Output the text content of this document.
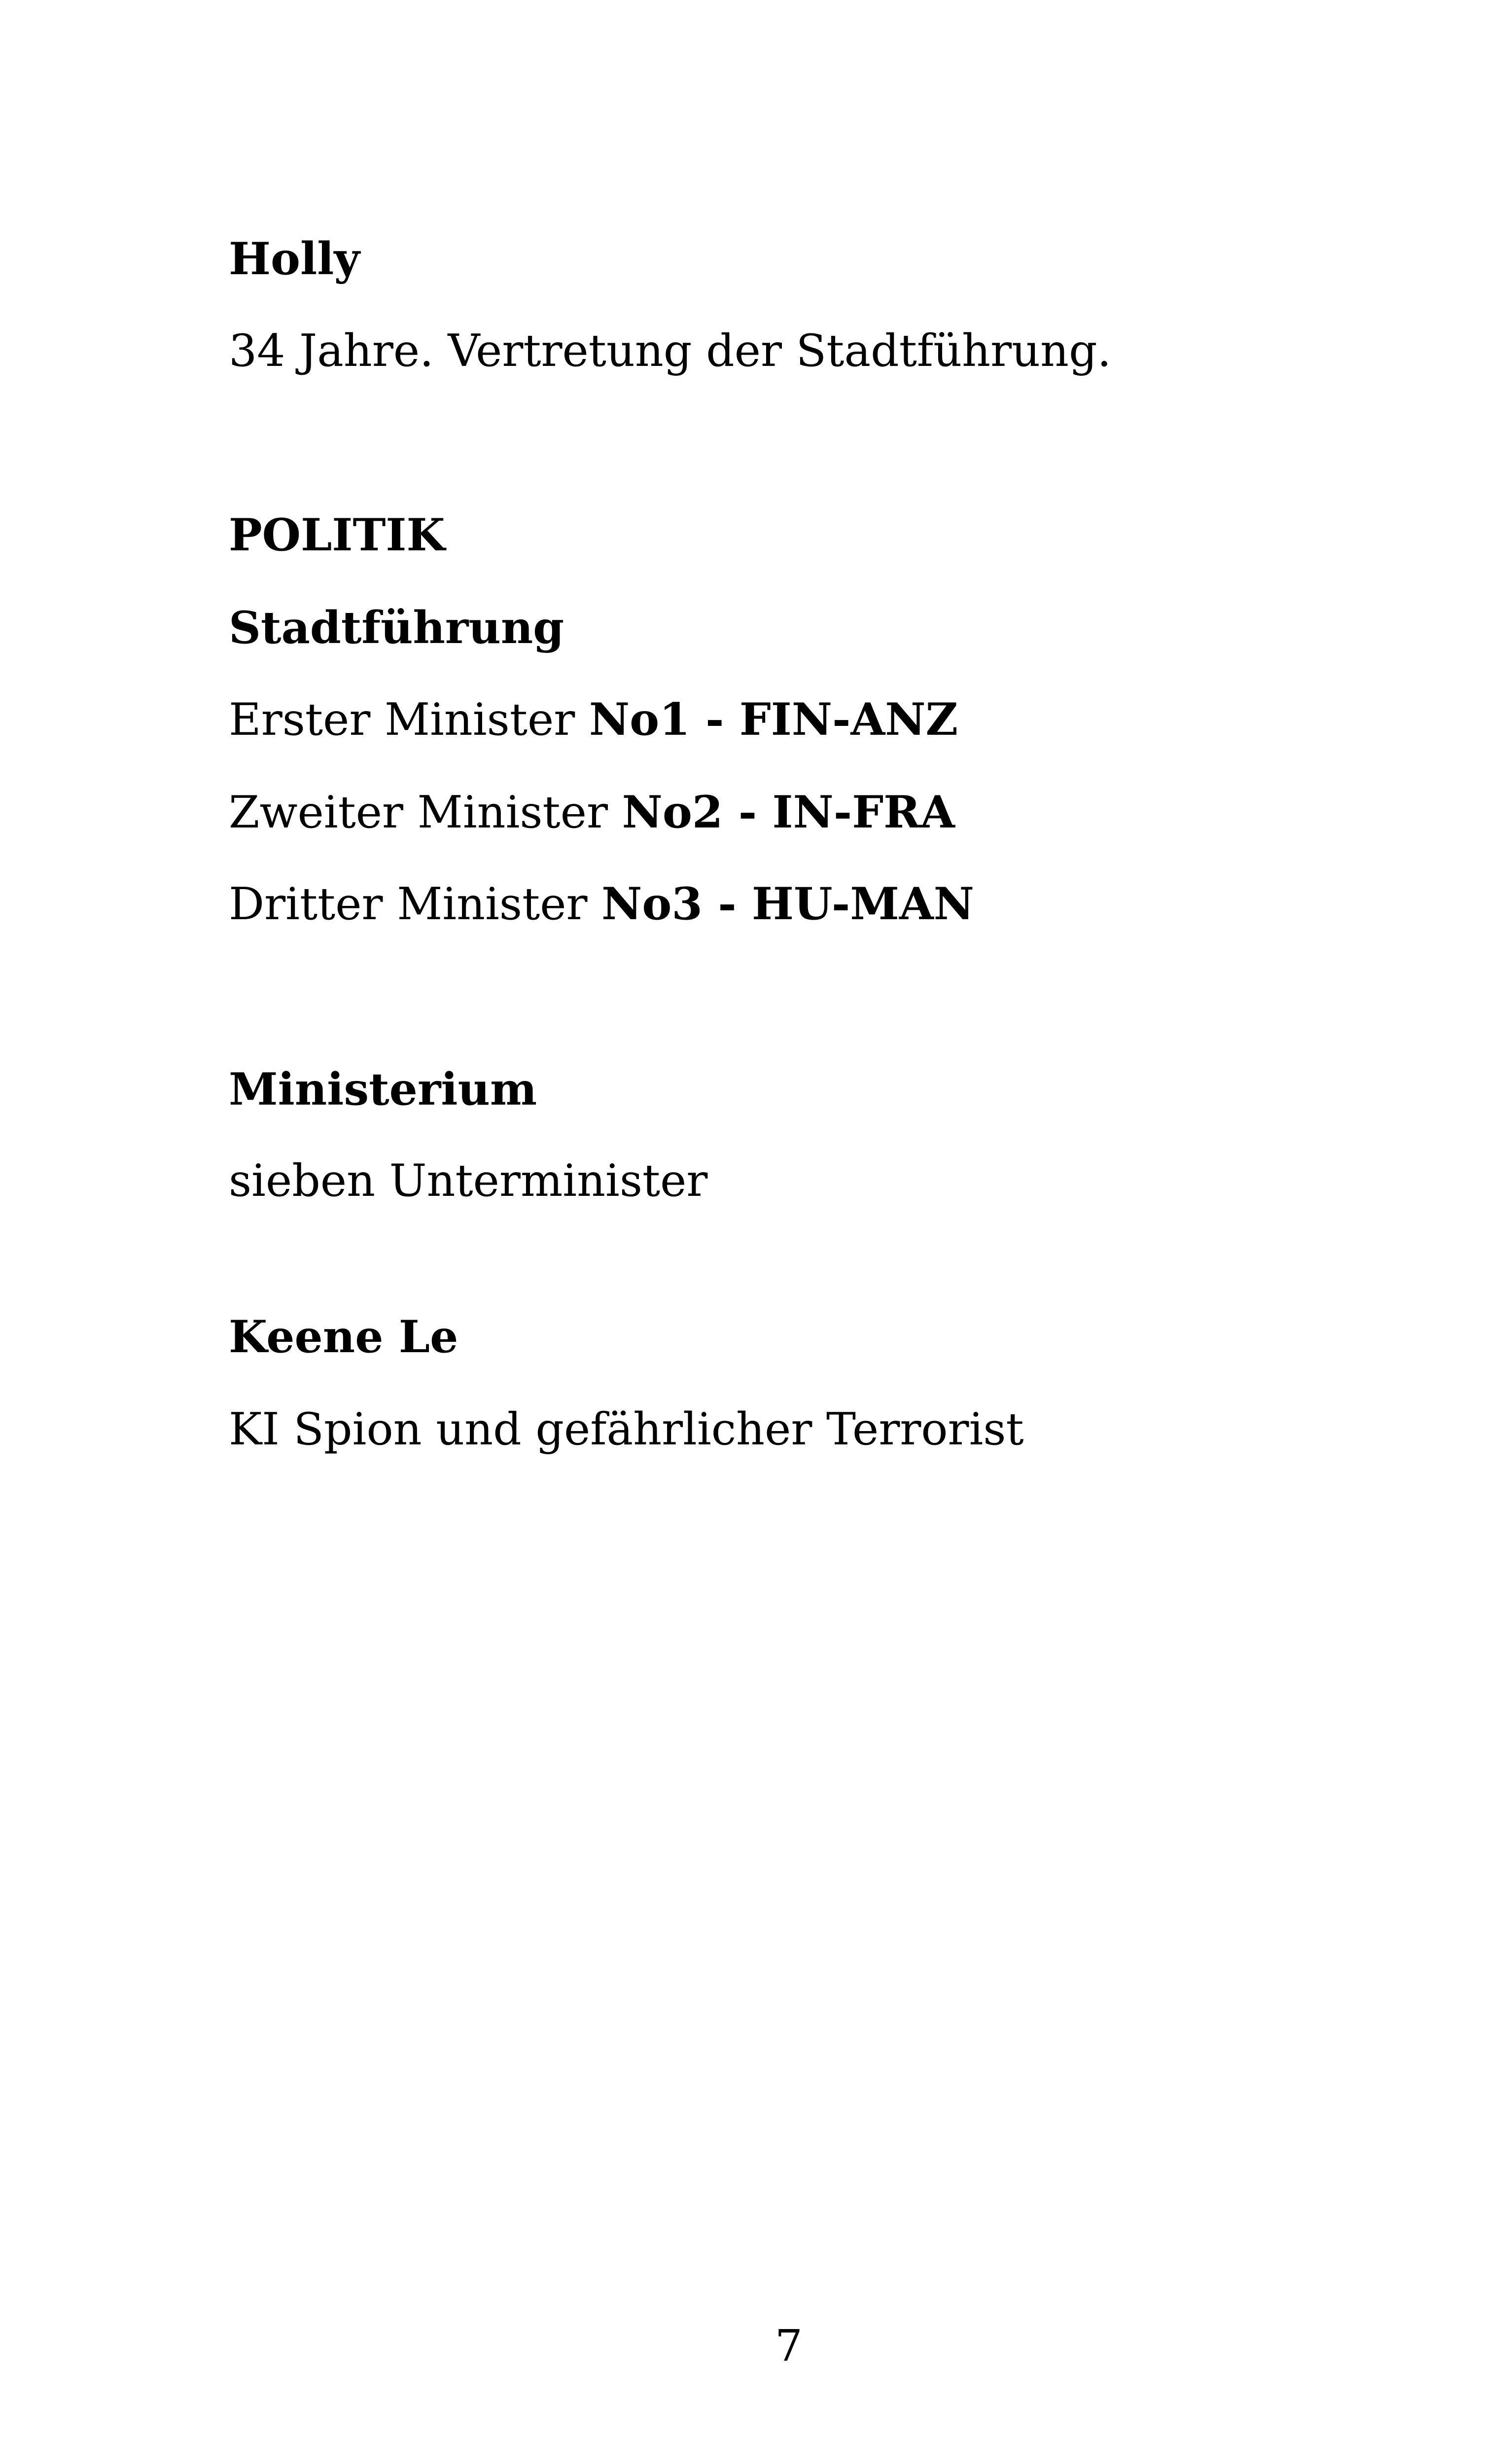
Holly
34 Jahre. Vertretung der Stadtführung.
POLITIK
Stadtführung
Erster Minister No1 - FIN-ANZ
Zweiter Minister No2 - IN-FRA
Dritter Minister No3 - HU-MAN
Ministerium
sieben Unterminister
Keene Le
KI Spion und gefährlicher Terrorist
7
